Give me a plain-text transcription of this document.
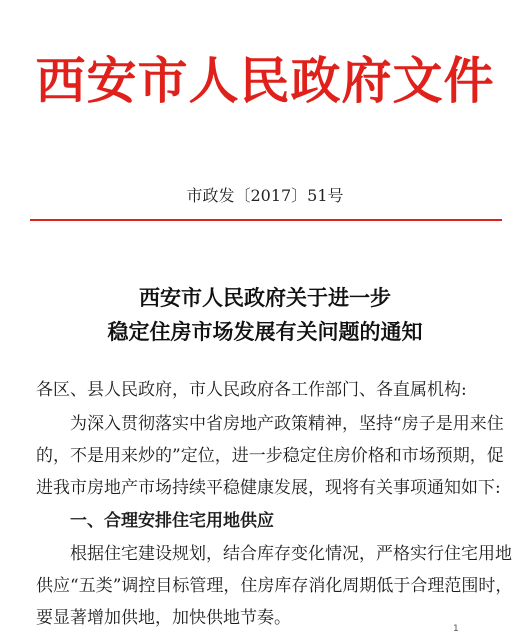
西安市人民政府文件
市政发〔2017〕51号
西安市人民政府关于进一步
稳定住房市场发展有关问题的通知

各区、县人民政府，市人民政府各工作部门、各直属机构:

为深入贯彻落实中省房地产政策精神，坚持“房子是用来住

的，不是用来炒的”定位，进一步稳定住房价格和市场预期，促

进我市房地产市场持续平稳健康发展，现将有关事项通知如下:

一、合理安排住宅用地供应

根据住宅建设规划，结合库存变化情况，严格实行住宅用地

供应“五类”调控目标管理，住房库存消化周期低于合理范围时，

要显著增加供地，加快供地节奏。

1
